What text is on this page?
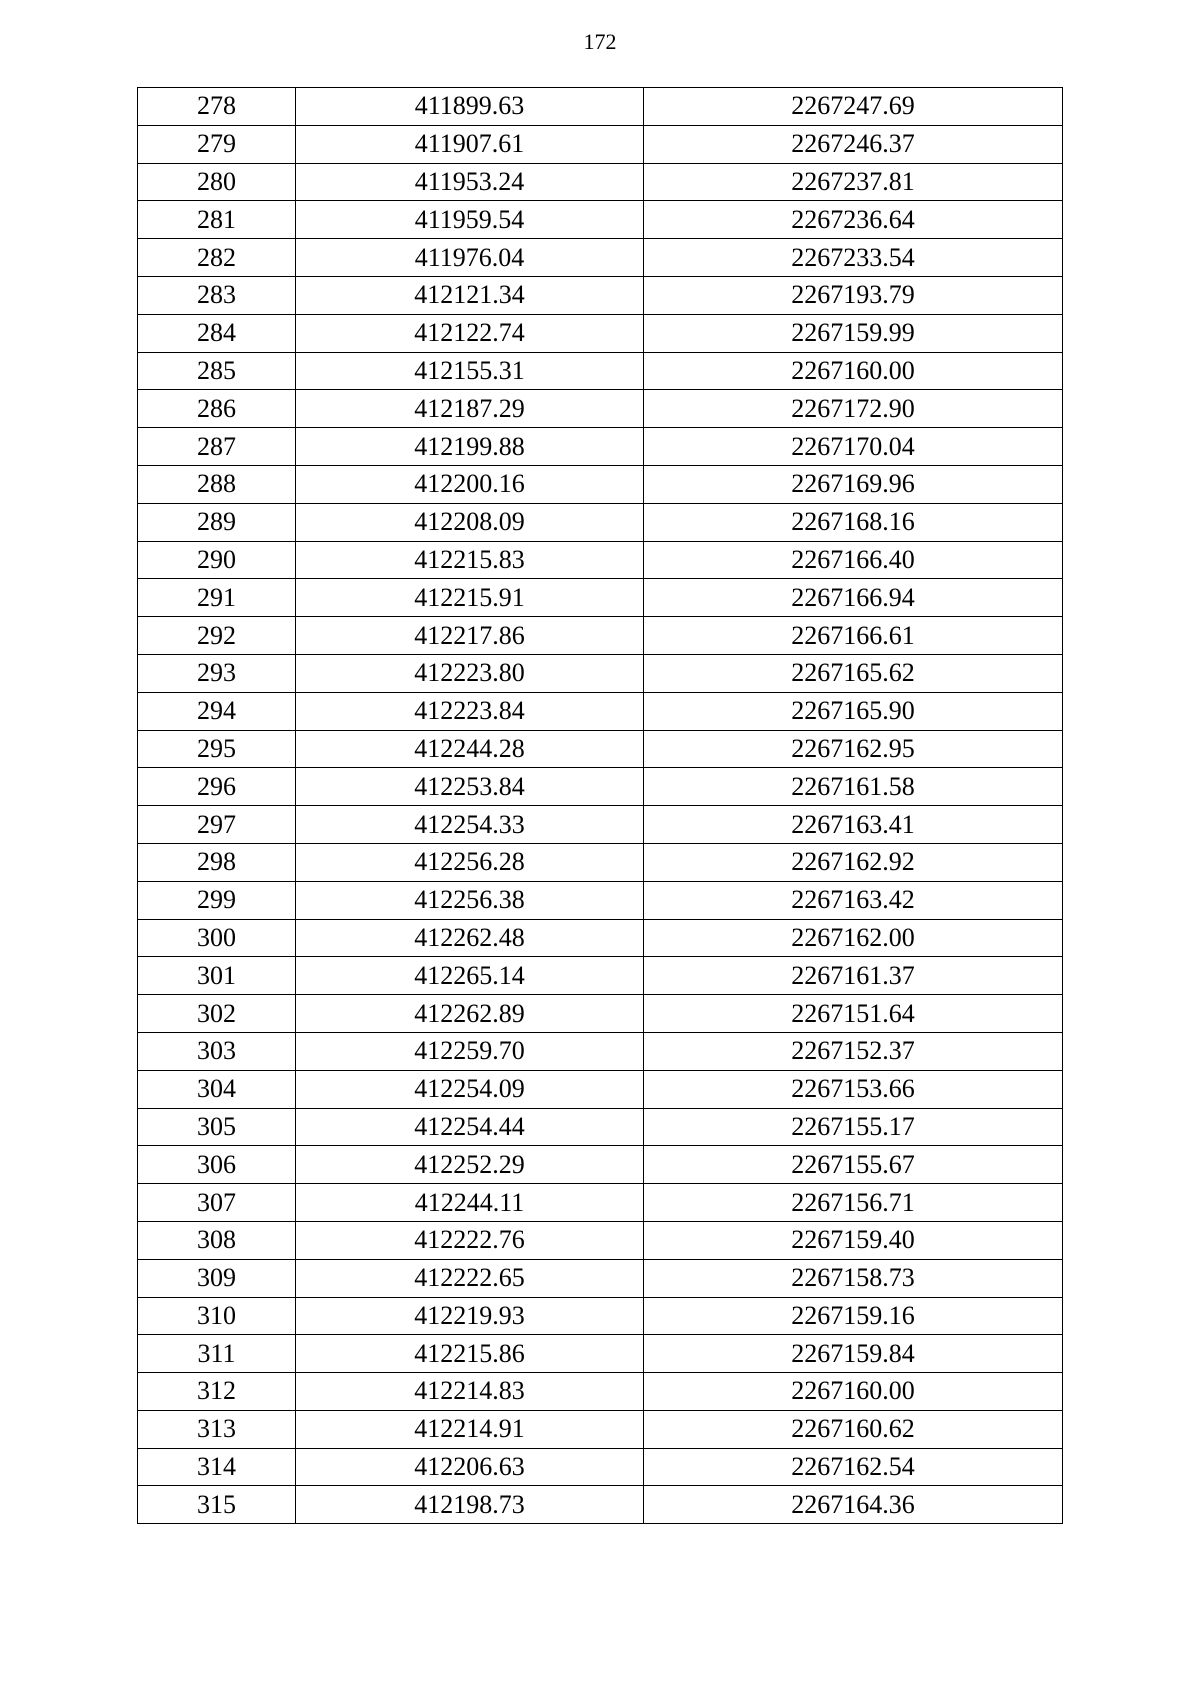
172
278	411899.63	2267247.69
279	411907.61	2267246.37
280	411953.24	2267237.81
281	411959.54	2267236.64
282	411976.04	2267233.54
283	412121.34	2267193.79
284	412122.74	2267159.99
285	412155.31	2267160.00
286	412187.29	2267172.90
287	412199.88	2267170.04
288	412200.16	2267169.96
289	412208.09	2267168.16
290	412215.83	2267166.40
291	412215.91	2267166.94
292	412217.86	2267166.61
293	412223.80	2267165.62
294	412223.84	2267165.90
295	412244.28	2267162.95
296	412253.84	2267161.58
297	412254.33	2267163.41
298	412256.28	2267162.92
299	412256.38	2267163.42
300	412262.48	2267162.00
301	412265.14	2267161.37
302	412262.89	2267151.64
303	412259.70	2267152.37
304	412254.09	2267153.66
305	412254.44	2267155.17
306	412252.29	2267155.67
307	412244.11	2267156.71
308	412222.76	2267159.40
309	412222.65	2267158.73
310	412219.93	2267159.16
311	412215.86	2267159.84
312	412214.83	2267160.00
313	412214.91	2267160.62
314	412206.63	2267162.54
315	412198.73	2267164.36
